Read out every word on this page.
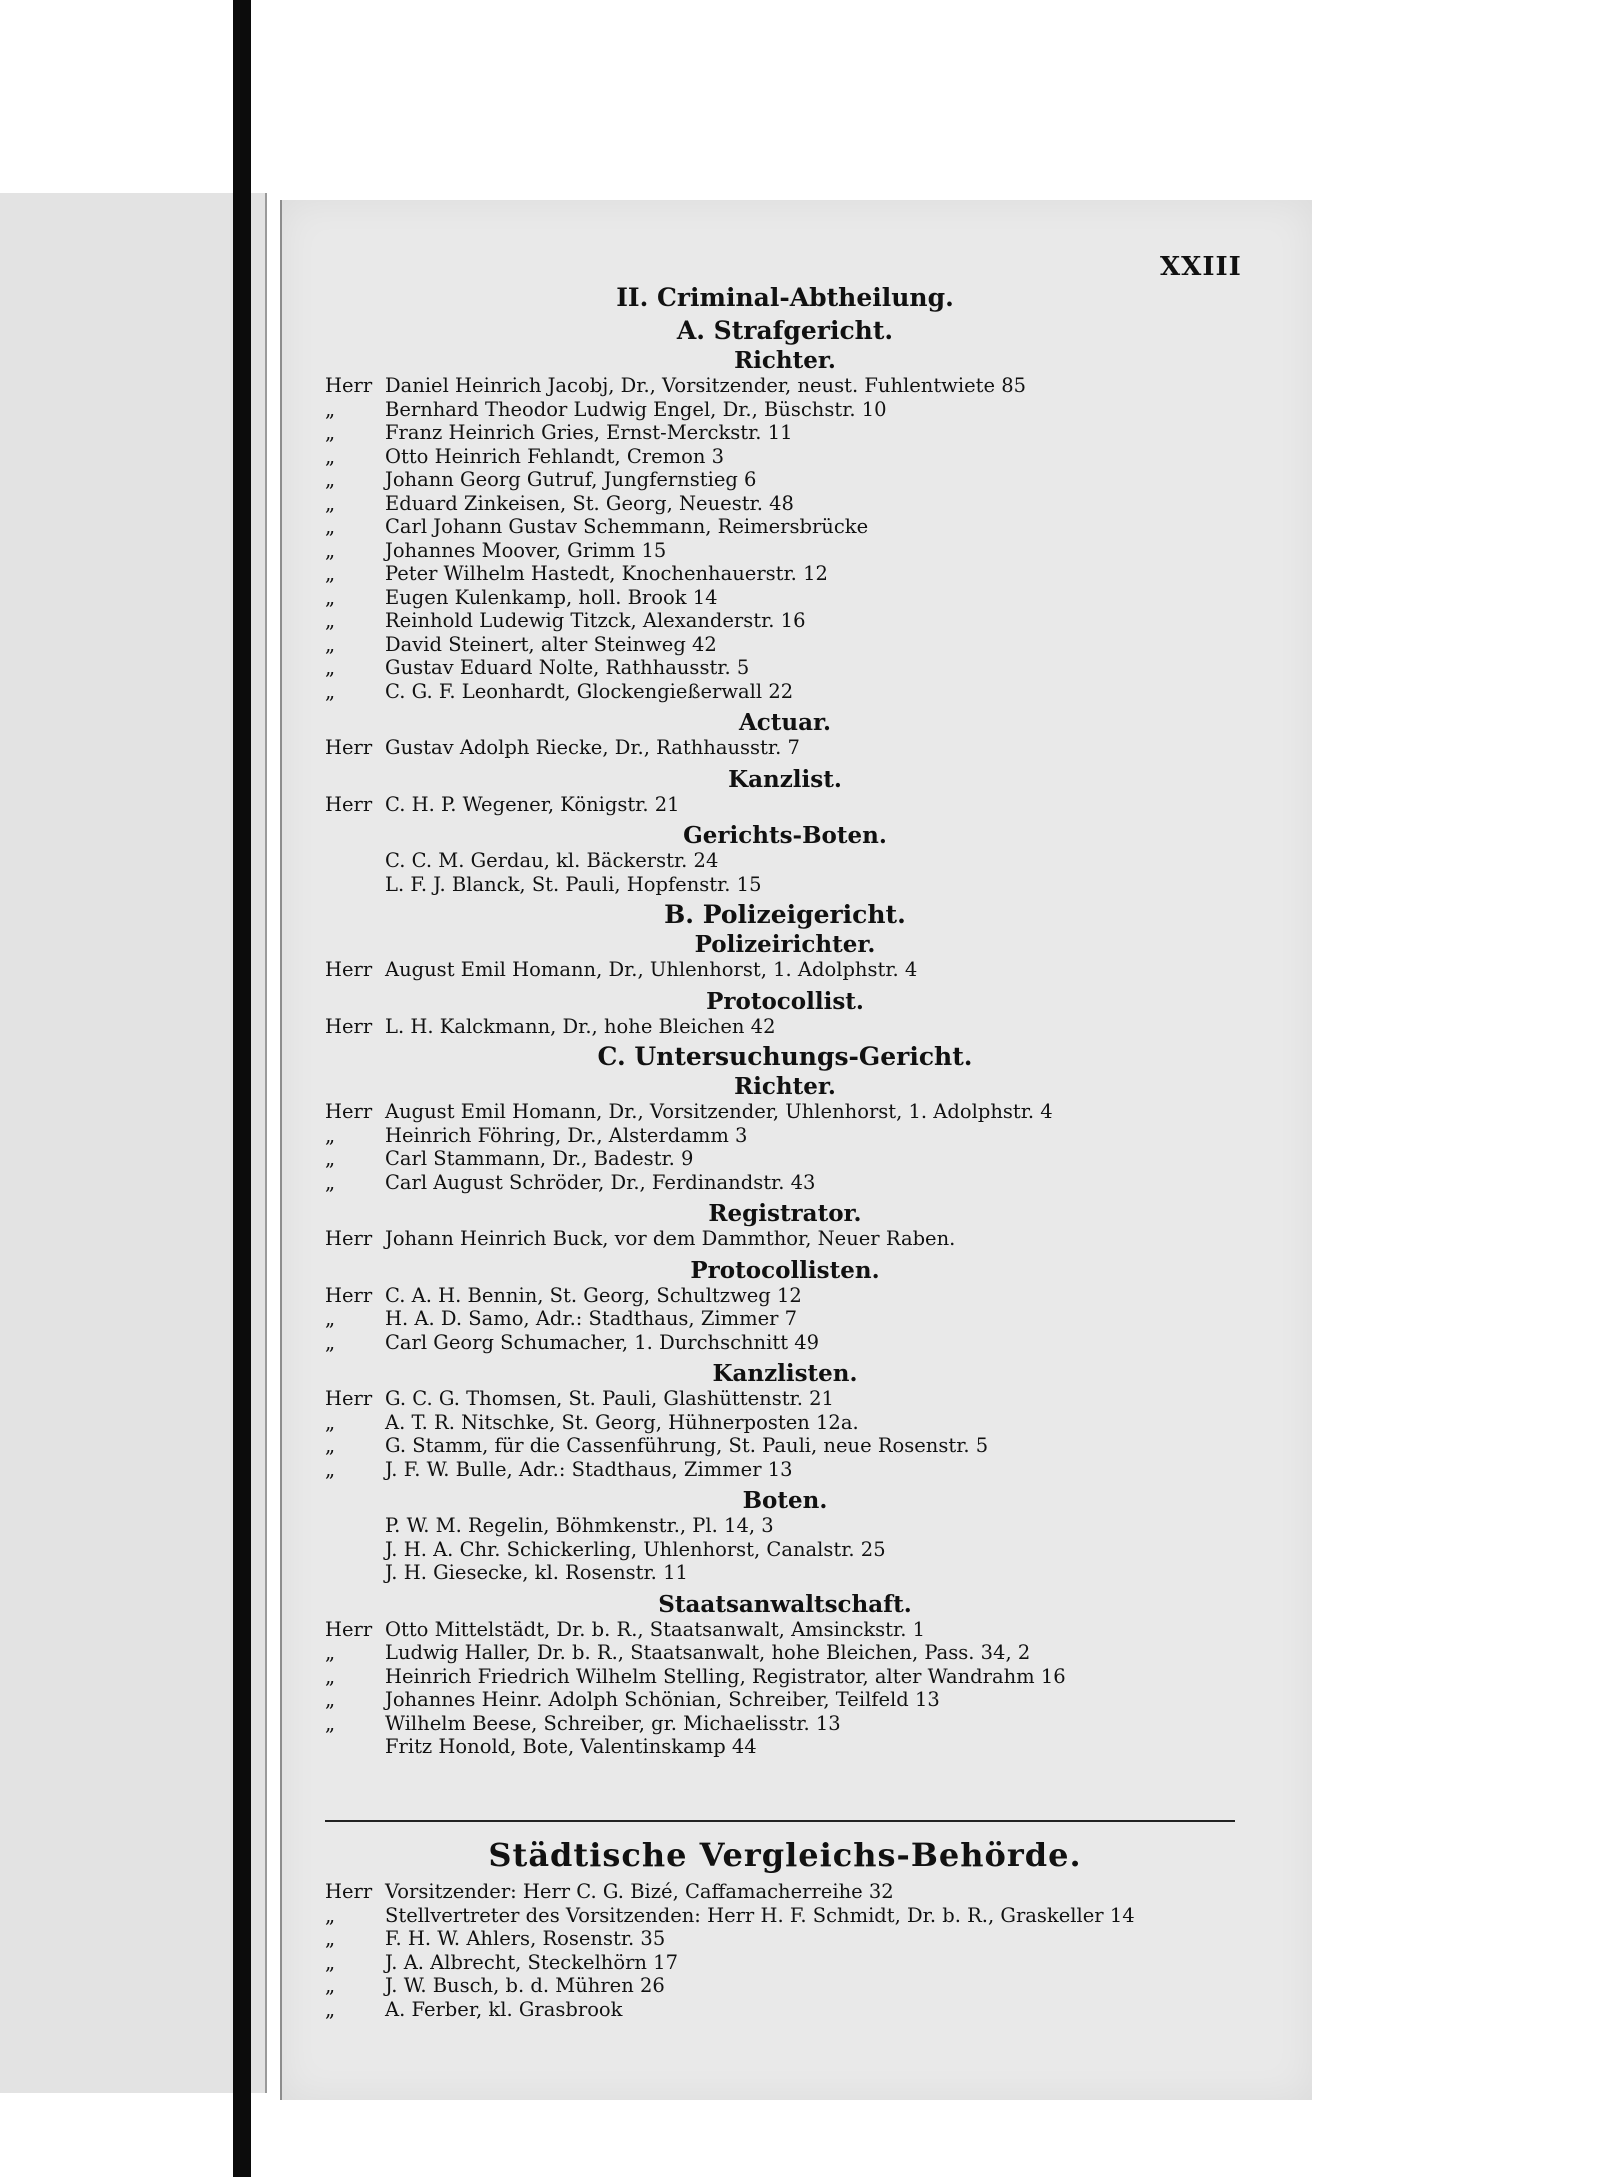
XXIII

II. Criminal-Abtheilung.

A. Strafgericht.

Richter.

Herr Daniel Heinrich Jacobj, Dr., Vorsitzender, neust. Fuhlentwiete 85

„	Bernhard Theodor Ludwig Engel, Dr., Büschstr. 10

„	Franz Heinrich Gries, Ernst-Merckstr. 11

„	Otto Heinrich Fehlandt, Cremon 3

„	Johann Georg Gutruf, Jungfernstieg 6

„	Eduard Zinkeisen, St. Georg, Neuestr. 48

„	Carl Johann Gustav Schemmann, Reimersbrücke

„	Johannes Moover, Grimm 15

„	Peter Wilhelm Hastedt, Knochenhauerstr. 12

„	Eugen Kulenkamp, holl. Brook 14

„	Reinhold Ludewig Titzck, Alexanderstr. 16

„	David Steinert, alter Steinweg 42

„	Gustav Eduard Nolte, Rathhausstr. 5

„	C. G. F. Leonhardt, Glockengießerwall 22

Actuar.

Herr Gustav Adolph Riecke, Dr., Rathhausstr. 7

Kanzlist.

Herr C. H. P. Wegener, Königstr. 21

Gerichts-Boten.

C. C. M. Gerdau, kl. Bäckerstr. 24

L. F. J. Blanck, St. Pauli, Hopfenstr. 15

B. Polizeigericht.

Polizeirichter.

Herr August Emil Homann, Dr., Uhlenhorst, 1. Adolphstr. 4

Protocollist.

Herr L. H. Kalckmann, Dr., hohe Bleichen 42

C. Untersuchungs-Gericht.

Richter.

Herr August Emil Homann, Dr., Vorsitzender, Uhlenhorst, 1. Adolphstr. 4

„	Heinrich Föhring, Dr., Alsterdamm 3

„	Carl Stammann, Dr., Badestr. 9

„	Carl August Schröder, Dr., Ferdinandstr. 43

Registrator.

Herr Johann Heinrich Buck, vor dem Dammthor, Neuer Raben.

Protocollisten.

Herr C. A. H. Bennin, St. Georg, Schultzweg 12

„	H. A. D. Samo, Adr.: Stadthaus, Zimmer 7

„	Carl Georg Schumacher, 1. Durchschnitt 49

Kanzlisten.

Herr G. C. G. Thomsen, St. Pauli, Glashüttenstr. 21

„	A. T. R. Nitschke, St. Georg, Hühnerposten 12a.

„	G. Stamm, für die Cassenführung, St. Pauli, neue Rosenstr. 5

„	J. F. W. Bulle, Adr.: Stadthaus, Zimmer 13

Boten.

P. W. M. Regelin, Böhmkenstr., Pl. 14, 3

J. H. A. Chr. Schickerling, Uhlenhorst, Canalstr. 25

J. H. Giesecke, kl. Rosenstr. 11

Staatsanwaltschaft.

Herr Otto Mittelstädt, Dr. b. R., Staatsanwalt, Amsinckstr. 1

„	Ludwig Haller, Dr. b. R., Staatsanwalt, hohe Bleichen, Pass. 34, 2

„	Heinrich Friedrich Wilhelm Stelling, Registrator, alter Wandrahm 16

„	Johannes Heinr. Adolph Schönian, Schreiber, Teilfeld 13

„	Wilhelm Beese, Schreiber, gr. Michaelisstr. 13

Fritz Honold, Bote, Valentinskamp 44

Städtische Vergleichs-Behörde.

Herr Vorsitzender: Herr C. G. Bizé, Caffamacherreihe 32

„	Stellvertreter des Vorsitzenden: Herr H. F. Schmidt, Dr. b. R., Graskeller 14

„	F. H. W. Ahlers, Rosenstr. 35

„	J. A. Albrecht, Steckelhörn 17

„	J. W. Busch, b. d. Mühren 26

„	A. Ferber, kl. Grasbrook
